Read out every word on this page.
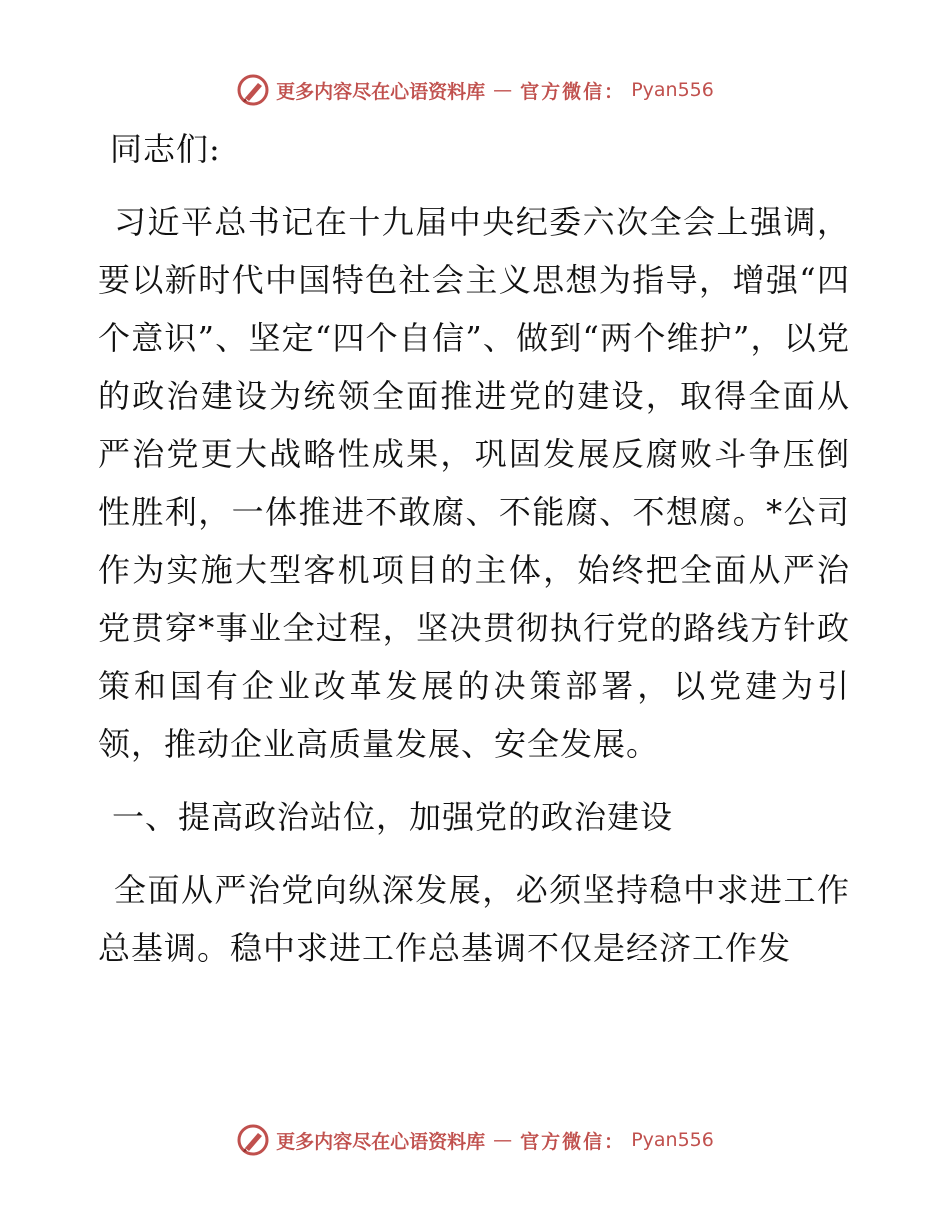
更多内容尽在心语资料库 — 官方微信： Pyan556

同志们:

习近平总书记在十九届中央纪委六次全会上强调，要以新时代中国特色社会主义思想为指导，增强“四个意识”、坚定“四个自信”、做到“两个维护”，以党的政治建设为统领全面推进党的建设，取得全面从严治党更大战略性成果，巩固发展反腐败斗争压倒性胜利，一体推进不敢腐、不能腐、不想腐。*公司作为实施大型客机项目的主体，始终把全面从严治党贯穿*事业全过程，坚决贯彻执行党的路线方针政策和国有企业改革发展的决策部署，以党建为引领，推动企业高质量发展、安全发展。

一、提高政治站位，加强党的政治建设

全面从严治党向纵深发展，必须坚持稳中求进工作总基调。稳中求进工作总基调不仅是经济工作发

更多内容尽在心语资料库 — 官方微信： Pyan556
